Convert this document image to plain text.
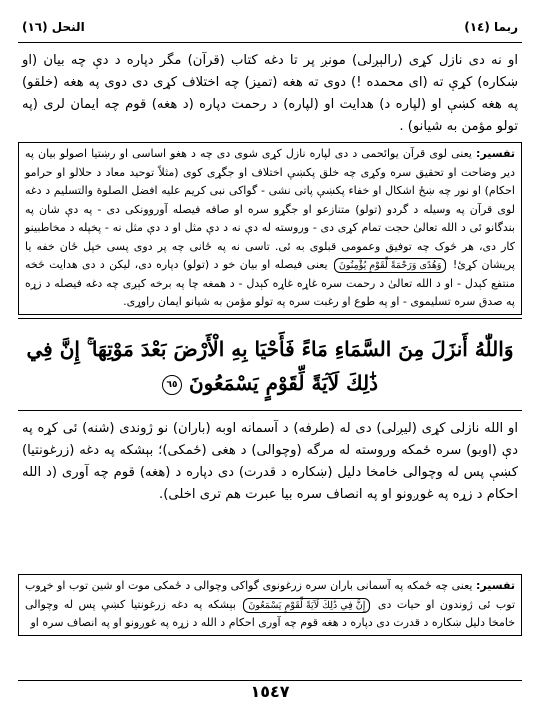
ربما (١٤)
النحل (١٦)

او نه دى نازل كړى (رالېږلى) مونږ پر تا دغه كتاب (قرآن) مگر دپاره د دې چه بيان (او ښكاره) كړې ته (اى محمده !) دوى ته هغه (تميز) چه اختلاف كړى دى دوى په هغه (خلقو) په هغه كښې او (لپاره د) هدايت او (لپاره) د رحمت دپاره (د هغه) قوم چه ايمان لرى (په تولو مؤمن به شيانو) .

تفسير: يعنى لوى قرآن يوائحمى د دى لپاره نازل كړى شوى دى چه د هغو اساسى او رښتيا اصولو بيان په دير وضاحت او تحقيق سره وكړى چه خلق پكښې اختلاف او جگړى كوى (مثلاً توحيد معاد د حلالو او حرامو احكام) او نور چه ښځ اشكال او خفاء پكښې پاتى نشى - گواكى نبى كريم عليه افضل الصلوة والتسليم د دغه لوى قرآن په وسيله د گردو (تولو) متنازعو او جگړو سره او صافه فيصله آوروونكى دى - په دې شان په بندگانو ئى د الله تعالىٰ حجت تمام كړى دى - وروسته له دې نه د دې مثل او د دې مثل نه - پخپله د مخاطبينو كار دى، هر څوک چه توفيق وعمومى قبلوى به ئى. تاسى نه په ځانى چه پر دوى پسى خپل ځان خفه يا پريشان كړئ! وَهُدًى وَرَحْمَةً لِّقَوْمٍ يُؤْمِنُونَ يعنى فيصله او بيان خو د (تولو) دپاره دى، ليكن د دى هدايت څخه منتفع كېدل - او د الله تعالىٰ د رحمت سره غاړه غاړه كېدل - د همغه چا په برخه كېږى چه دغه فيصله د زړه په صدق سره تسليموى - او په طوع او رغبت سره په تولو مؤمن به شيانو ايمان راوړى.
وَاللّٰهُ أَنزَلَ مِنَ السَّمَاءِ مَاءً فَأَحْيَا بِهِ الْأَرْضَ بَعْدَ مَوْتِهَا ۚ إِنَّ فِي ذَٰلِكَ لَآيَةً لِّقَوْمٍ يَسْمَعُونَ ٦٥

او الله نازلى كړى (ليږلى) دى له (طرفه) د آسمانه اوبه (باران) نو ژوندى (شنه) ئى كړه په دې (اوبو) سره ځمكه وروسته له مرگه (وچوالى) د هغى (ځمكى)؛ بېشكه په دغه (زرغونتيا) كښې پس له وچوالى خامخا دليل (ښكاره د قدرت) دى دپاره د (هغه) قوم چه آورى (د الله احكام د زړه په غوږونو او په انصاف سره بيا عبرت هم ترى اخلى).

تفسير: يعنى چه ځمكه په آسمانى باران سره زرغونوى گواكى وچوالى د ځمكى موت او شين توب او خړوب توب ئى ژوندون او حيات دى إِنَّ فِي ذَٰلِكَ لَآيَةً لِّقَوْمٍ يَسْمَعُونَ بېشكه په دغه زرغونتيا كښې پس له وچوالى خامخا دليل ښكاره د قدرت دى دپاره د هغه قوم چه آورى احكام د الله د زړه په غوږونو او په انصاف سره او
١٥٤٧
